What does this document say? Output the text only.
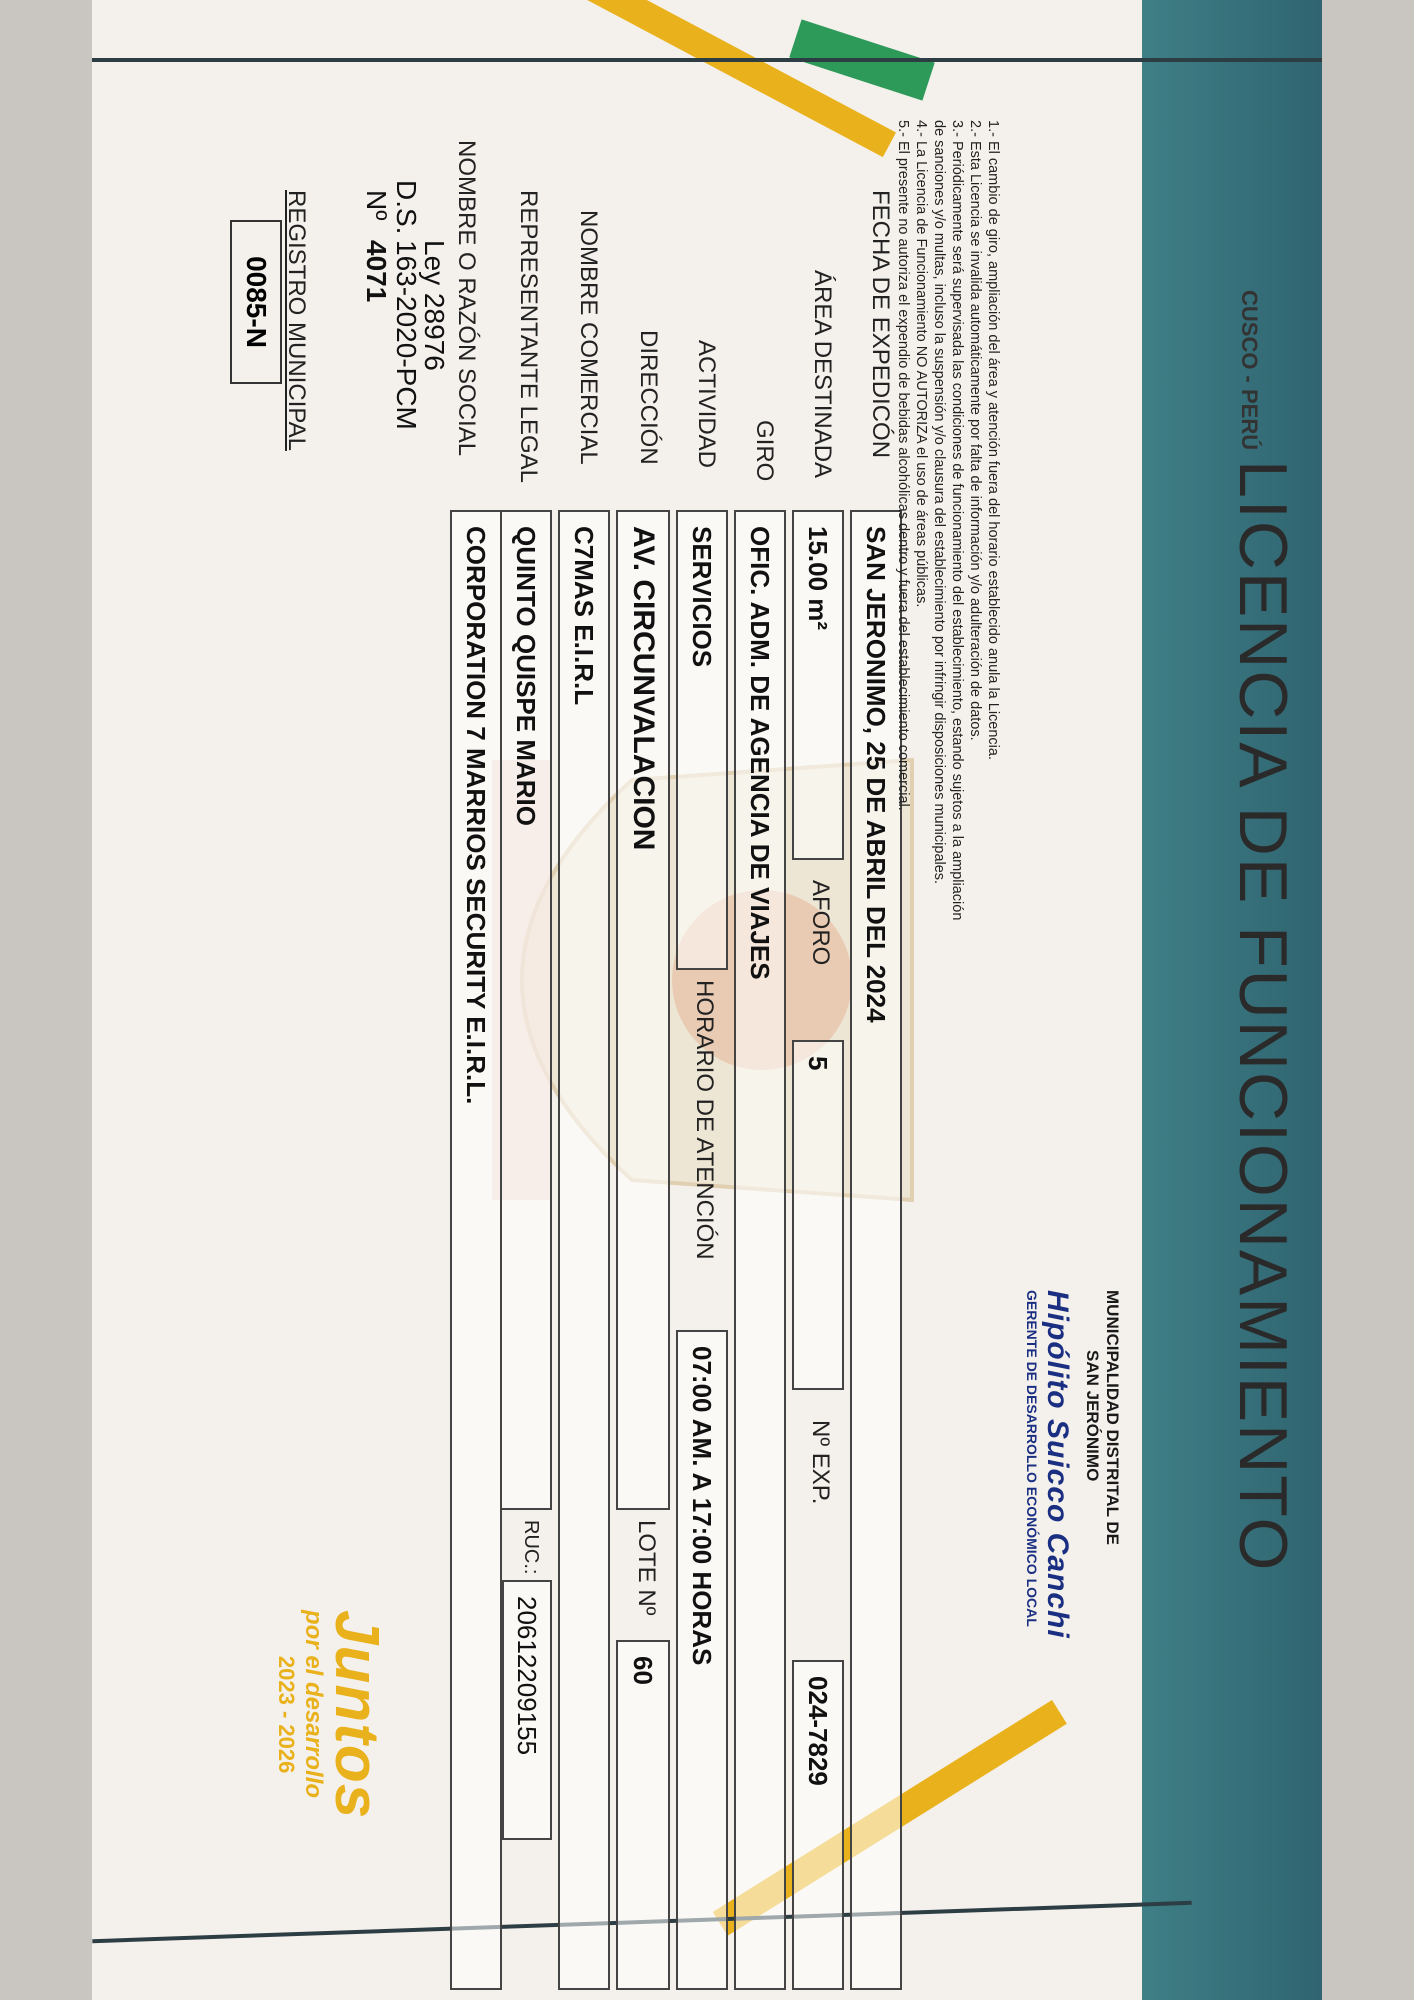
LICENCIA DE FUNCIONAMIENTO
CUSCO - PERÚ
REGISTRO MUNICIPAL
0085-N
Nº
4071
D.S.
163-2020-PCM
Ley 28976 NOMBRE O RAZÓN SOCIAL
CORPORATION 7 MARRIOS SECURITY E.I.R.L.
RUC.:
20612209155
REPRESENTANTE LEGAL
QUINTO QUISPE MARIO
NOMBRE COMERCIAL
C7MAS E.I.R.L
DIRECCIÓN
AV. CIRCUNVALACION
LOTE Nº
60
ACTIVIDAD
SERVICIOS
HORARIO DE ATENCIÓN
07:00 AM. A 17:00 HORAS
GIRO
OFIC. ADM. DE AGENCIA DE VIAJES
ÁREA DESTINADA
15.00 m²
AFORO
5
Nº EXP.
024-7829
FECHA DE EXPEDICÓN
SAN JERONIMO, 25 DE ABRIL DEL 2024
1.- El cambio de giro, ampliación del área y atención fuera del horario establecido anula la Licencia.
2.- Esta Licencia se invalida automáticamente por falta de información y/o adulteración de datos.
3.- Periódicamente será supervisada las condiciones de funcionamiento del establecimiento, estando sujetos a la ampliación
de sanciones y/o multas, incluso la suspensión y/o clausura del establecimiento por infringir disposiciones municipales.
4.- La Licencia de Funcionamiento NO AUTORIZA el uso de áreas públicas.
5.- El presente no autoriza el expendio de bebidas alcohólicas dentro y fuera del establecimiento comercial.
MUNICIPALIDAD DISTRITAL DE
SAN JERÓNIMO
Hipólito Suicco Canchi
GERENTE DE DESARROLLO ECONÓMICO LOCAL
Juntos
por el desarrollo
2023 - 2026
